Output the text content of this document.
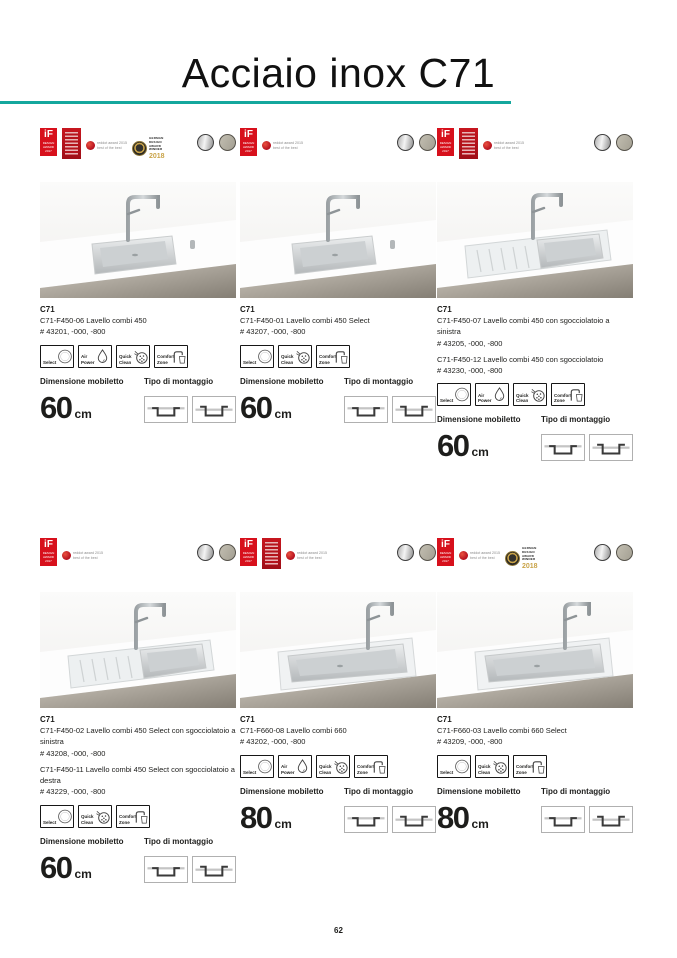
Acciaio inox C71
iF
DESIGN AWARD 2017
reddot award 2015
best of the best
GERMAN DESIGN AWARD WINNER
2018
C71
C71-F450-06 Lavello combi 450
# 43201, -000, -800
Select
Air
Power
Quick
Clean
Comfort
Zone
Dimensione mobiletto
60 cm
Tipo di montaggio
iF
DESIGN AWARD 2017
reddot award 2015
best of the best
C71
C71-F450-01 Lavello combi 450 Select
# 43207, -000, -800
Select
Quick
Clean
Comfort
Zone
Dimensione mobiletto
60 cm
Tipo di montaggio
iF
DESIGN AWARD 2017
reddot award 2015
best of the best
C71
C71-F450-07 Lavello combi 450 con sgocciolatoio a sinistra
# 43205, -000, -800
C71-F450-12 Lavello combi 450 con sgocciolatoio
# 43230, -000, -800
Select
Air
Power
Quick
Clean
Comfort
Zone
Dimensione mobiletto
60 cm
Tipo di montaggio
iF
DESIGN AWARD 2017
reddot award 2015
best of the best
C71
C71-F450-02 Lavello combi 450 Select con sgocciolatoio a sinistra
# 43208, -000, -800
C71-F450-11 Lavello combi 450 Select con sgocciolatoio a destra
# 43229, -000, -800
Select
Quick
Clean
Comfort
Zone
Dimensione mobiletto
60 cm
Tipo di montaggio
iF
DESIGN AWARD 2017
reddot award 2015
best of the best
C71
C71-F660-08 Lavello combi 660
# 43202, -000, -800
Select
Air
Power
Quick
Clean
Comfort
Zone
Dimensione mobiletto
80 cm
Tipo di montaggio
iF
DESIGN AWARD 2017
reddot award 2015
best of the best
GERMAN DESIGN AWARD WINNER
2018
C71
C71-F660-03 Lavello combi 660 Select
# 43209, -000, -800
Select
Quick
Clean
Comfort
Zone
Dimensione mobiletto
80 cm
Tipo di montaggio
62
